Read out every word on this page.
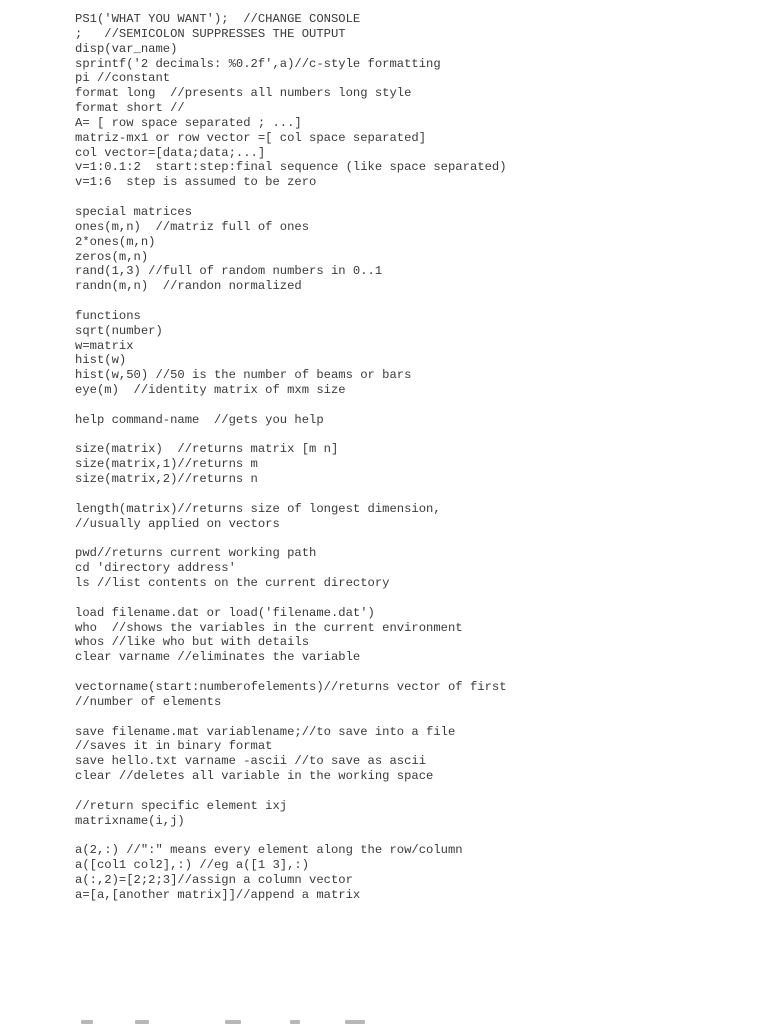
PS1('WHAT YOU WANT');  //CHANGE CONSOLE
;   //SEMICOLON SUPPRESSES THE OUTPUT
disp(var_name)
sprintf('2 decimals: %0.2f',a)//c-style formatting
pi //constant
format long  //presents all numbers long style
format short //
A= [ row space separated ; ...]
matriz-mx1 or row vector =[ col space separated]
col vector=[data;data;...]
v=1:0.1:2  start:step:final sequence (like space separated)
v=1:6  step is assumed to be zero
special matrices
ones(m,n)  //matriz full of ones
2*ones(m,n)
zeros(m,n)
rand(1,3) //full of random numbers in 0..1
randn(m,n)  //randon normalized
functions
sqrt(number)
w=matrix
hist(w)
hist(w,50) //50 is the number of beams or bars
eye(m)  //identity matrix of mxm size
help command-name  //gets you help
size(matrix)  //returns matrix [m n]
size(matrix,1)//returns m
size(matrix,2)//returns n
length(matrix)//returns size of longest dimension,
//usually applied on vectors
pwd//returns current working path
cd 'directory address'
ls //list contents on the current directory
load filename.dat or load('filename.dat')
who  //shows the variables in the current environment
whos //like who but with details
clear varname //eliminates the variable
vectorname(start:numberofelements)//returns vector of first
//number of elements
save filename.mat variablename;//to save into a file
//saves it in binary format
save hello.txt varname -ascii //to save as ascii
clear //deletes all variable in the working space
//return specific element ixj
matrixname(i,j)
a(2,:) //":" means every element along the row/column
a([col1 col2],:) //eg a([1 3],:)
a(:,2)=[2;2;3]//assign a column vector
a=[a,[another matrix]]//append a matrix
